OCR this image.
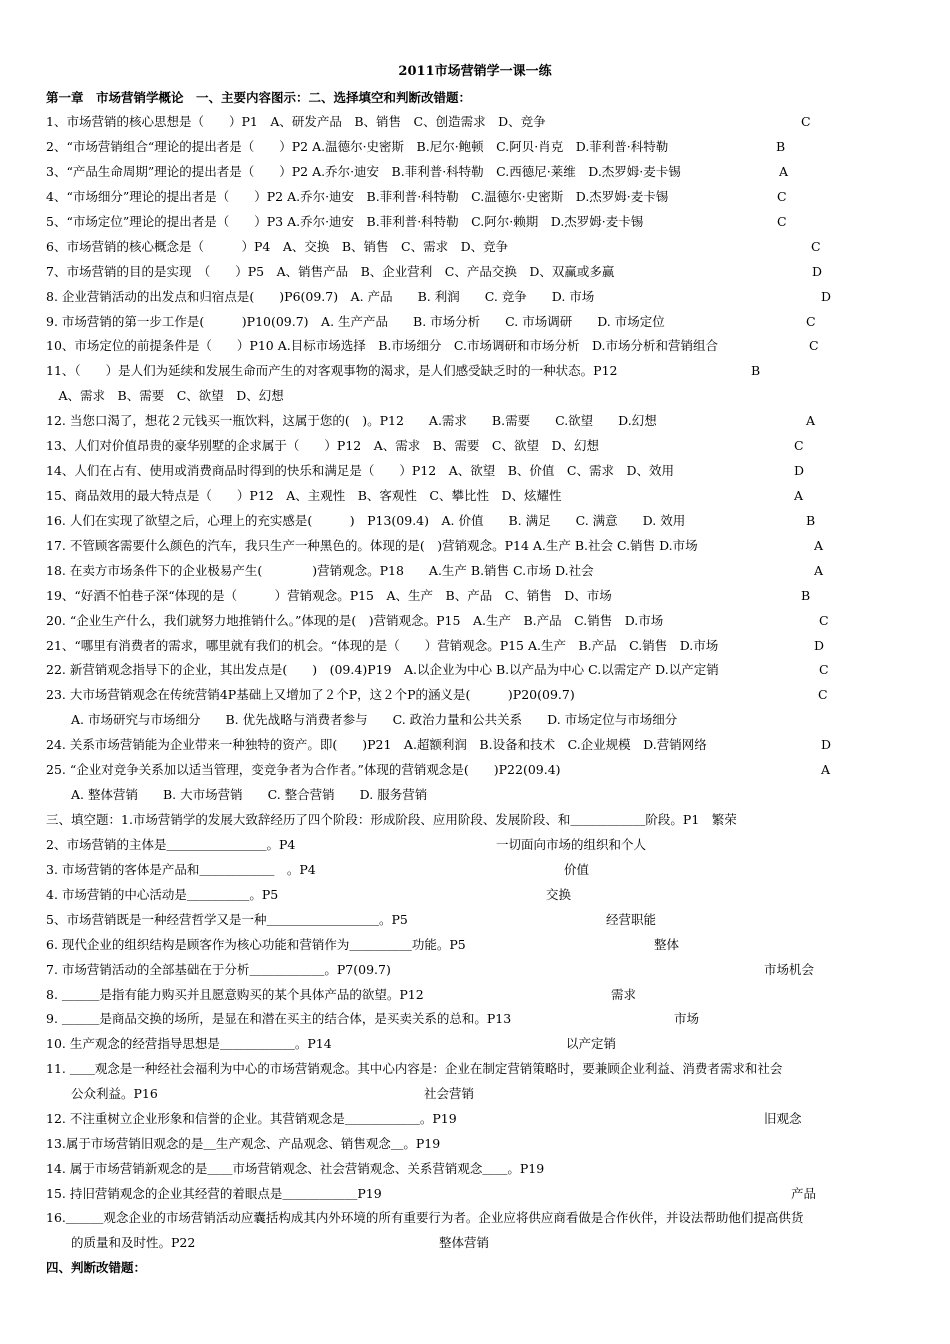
2011市场营销学一课一练
第一章　市场营销学概论　一、主要内容图示：二、选择填空和判断改错题：
1、市场营销的核心思想是（　　）P1　A、研发产品　B、销售　C、创造需求　D、竞争	C
2、“市场营销组合“理论的提出者是（　　）P2 A.温德尔·史密斯　B.尼尔·鲍顿　C.阿贝·肖克　D.菲利普·科特勒	B
3、“产品生命周期”理论的提出者是（　　）P2 A.乔尔·迪安　B.菲利普·科特勒　C.西德尼·莱维　D.杰罗姆·麦卡锡	A
4、“市场细分”理论的提出者是（　　）P2 A.乔尔·迪安　B.菲利普·科特勒　C.温德尔·史密斯　D.杰罗姆·麦卡锡	C
5、“市场定位”理论的提出者是（　　）P3 A.乔尔·迪安　B.菲利普·科特勒　C.阿尔·赖期　D.杰罗姆·麦卡锡	C
6、市场营销的核心概念是（　　　）P4　A、交换　B、销售　C、需求　D、竞争	C
7、市场营销的目的是实现　（　　）P5　A、销售产品　B、企业营利　C、产品交换　D、双赢或多赢	D
8. 企业营销活动的出发点和归宿点是(　　)P6(09.7)　A. 产品　　B. 利润　　C. 竞争　　D. 市场	D
9. 市场营销的第一步工作是(　　　)P10(09.7)　A. 生产产品　　B. 市场分析　　C. 市场调研　　D. 市场定位	C
10、市场定位的前提条件是（　　）P10 A.目标市场选择　B.市场细分　C.市场调研和市场分析　D.市场分析和营销组合	C
11、（　　）是人们为延续和发展生命而产生的对客观事物的渴求，是人们感受缺乏时的一种状态。P12	B
　A、需求　B、需要　C、欲望　D、幻想
12. 当您口渴了，想花２元钱买一瓶饮料，这属于您的(　)。P12　　A.需求　　B.需要　　C.欲望　　D.幻想	A
13、人们对价值昂贵的豪华别墅的企求属于（　　）P12　A、需求　B、需要　C、欲望　D、幻想	C
14、人们在占有、使用或消费商品时得到的快乐和满足是（　　）P12　A、欲望　B、价值　C、需求　D、效用	D
15、商品效用的最大特点是（　　）P12　A、主观性　B、客观性　C、攀比性　D、炫耀性	A
16. 人们在实现了欲望之后，心理上的充实感是(　　　)　P13(09.4)　A. 价值　　B. 满足　　C. 满意　　D. 效用	B
17. 不管顾客需要什么颜色的汽车，我只生产一种黑色的。体现的是(　)营销观念。P14 A.生产 B.社会 C.销售 D.市场	A
18. 在卖方市场条件下的企业极易产生(　　　　)营销观念。P18　　A.生产 B.销售 C.市场 D.社会	A
19、“好酒不怕巷子深“体现的是（　　　）营销观念。P15　A、生产　B、产品　C、销售　D、市场	B
20. “企业生产什么，我们就努力地推销什么。”体现的是(　)营销观念。P15　A.生产　B.产品　C.销售　D.市场	C
21、“哪里有消费者的需求，哪里就有我们的机会。“体现的是（　　）营销观念。P15 A.生产　B.产品　C.销售　D.市场	D
22. 新营销观念指导下的企业，其出发点是(　　)　(09.4)P19　A.以企业为中心 B.以产品为中心 C.以需定产 D.以产定销	C
23. 大市场营销观念在传统营销4P基础上又增加了２个P，这２个P的涵义是(　　　)P20(09.7)	C
　　A. 市场研究与市场细分　　B. 优先战略与消费者参与　　C. 政治力量和公共关系　　D. 市场定位与市场细分
24. 关系市场营销能为企业带来一种独特的资产。即(　　)P21　A.超额利润　B.设备和技术　C.企业规模　D.营销网络	D
25. “企业对竞争关系加以适当管理，变竞争者为合作者。”体现的营销观念是(　　)P22(09.4)	A
　　A. 整体营销　　B. 大市场营销　　C. 整合营销　　D. 服务营销
三、填空题：1.市场营销学的发展大致辞经历了四个阶段：形成阶段、应用阶段、发展阶段、和＿＿＿＿＿＿阶段。P1　繁荣
2、市场营销的主体是＿＿＿＿＿＿＿＿。P4	一切面向市场的组织和个人
3. 市场营销的客体是产品和＿＿＿＿＿＿　。P4	价值
4. 市场营销的中心活动是＿＿＿＿＿。P5	交换
5、市场营销既是一种经营哲学又是一种＿＿＿＿＿＿＿＿＿。P5	经营职能
6. 现代企业的组织结构是顾客作为核心功能和营销作为＿＿＿＿＿功能。P5	整体
7. 市场营销活动的全部基础在于分析＿＿＿＿＿＿。P7(09.7)	市场机会
8. ＿＿＿是指有能力购买并且愿意购买的某个具体产品的欲望。P12	需求
9. ＿＿＿是商品交换的场所，是显在和潜在买主的结合体，是买卖关系的总和。P13	市场
10. 生产观念的经营指导思想是＿＿＿＿＿＿。P14	以产定销
11. ＿＿观念是一种经社会福利为中心的市场营销观念。其中心内容是：企业在制定营销策略时，要兼顾企业利益、消费者需求和社会
　　公众利益。P16	社会营销
12. 不注重树立企业形象和信誉的企业。其营销观念是＿＿＿＿＿＿。P19	旧观念
13.属于市场营销旧观念的是＿生产观念、产品观念、销售观念＿。P19
14. 属于市场营销新观念的是＿＿市场营销观念、社会营销观念、关系营销观念＿＿。P19
15. 持旧营销观念的企业其经营的着眼点是＿＿＿＿＿＿P19	产品
16.＿＿＿观念企业的市场营销活动应囊括构成其内外环境的所有重要行为者。企业应将供应商看做是合作伙伴，并设法帮助他们提高供货
　　的质量和及时性。P22	整体营销
四、判断改错题：
